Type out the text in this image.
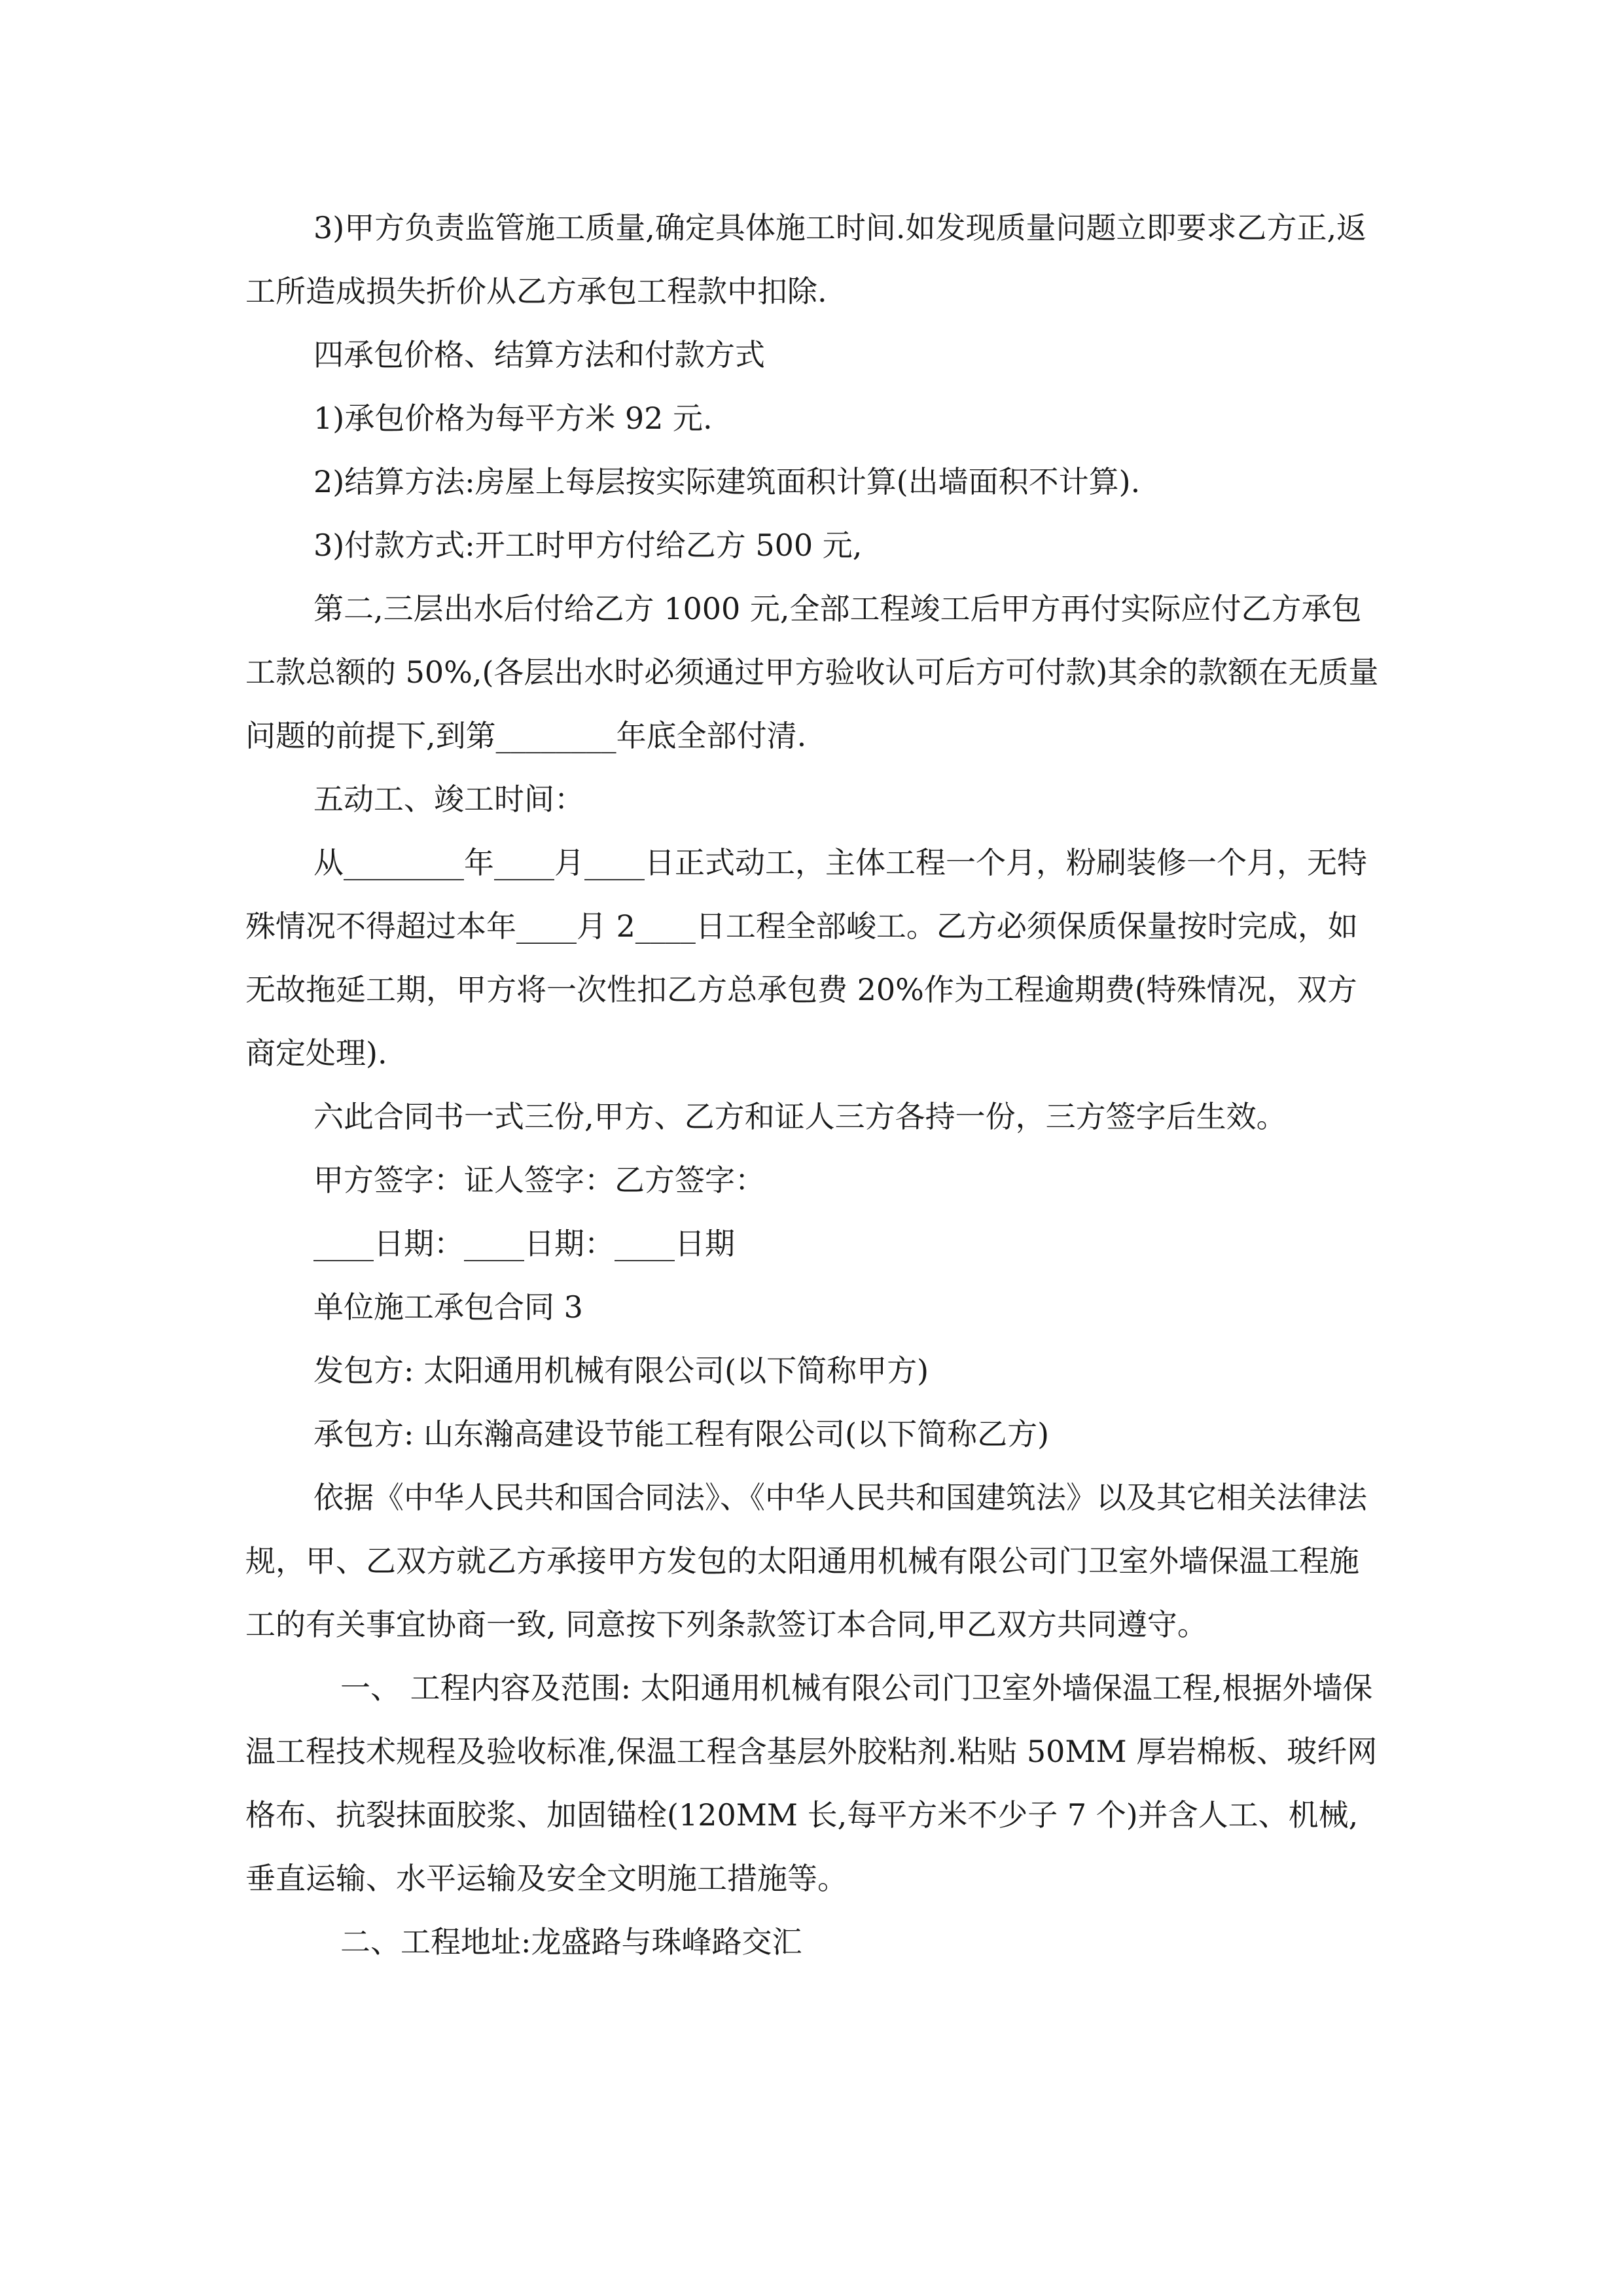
3)甲方负责监管施工质量,确定具体施工时间.如发现质量问题立即要求乙方正,返工所造成损失折价从乙方承包工程款中扣除.

四承包价格、结算方法和付款方式

1)承包价格为每平方米 92 元.

2)结算方法:房屋上每层按实际建筑面积计算(出墙面积不计算).

3)付款方式:开工时甲方付给乙方 500 元,

第二,三层出水后付给乙方 1000 元,全部工程竣工后甲方再付实际应付乙方承包工款总额的 50%,(各层出水时必须通过甲方验收认可后方可付款)其余的款额在无质量问题的前提下,到第________年底全部付清.

五动工、竣工时间：

从________年____月____日正式动工，主体工程一个月，粉刷装修一个月，无特殊情况不得超过本年____月 2____日工程全部峻工。乙方必须保质保量按时完成，如无故拖延工期，甲方将一次性扣乙方总承包费 20%作为工程逾期费(特殊情况，双方商定处理).

六此合同书一式三份,甲方、乙方和证人三方各持一份，三方签字后生效。

甲方签字：证人签字：乙方签字：

____日期：____日期：____日期

单位施工承包合同 3

发包方: 太阳通用机械有限公司(以下简称甲方)

承包方: 山东瀚高建设节能工程有限公司(以下简称乙方)

依据《中华人民共和国合同法》、《中华人民共和国建筑法》以及其它相关法律法规，甲、乙双方就乙方承接甲方发包的太阳通用机械有限公司门卫室外墙保温工程施工的有关事宜协商一致, 同意按下列条款签订本合同,甲乙双方共同遵守。

一、 工程内容及范围: 太阳通用机械有限公司门卫室外墙保温工程,根据外墙保温工程技术规程及验收标准,保温工程含基层外胶粘剂.粘贴 50MM 厚岩棉板、玻纤网格布、抗裂抹面胶浆、加固锚栓(120MM 长,每平方米不少子 7 个)并含人工、机械,垂直运输、水平运输及安全文明施工措施等。

二、工程地址:龙盛路与珠峰路交汇
